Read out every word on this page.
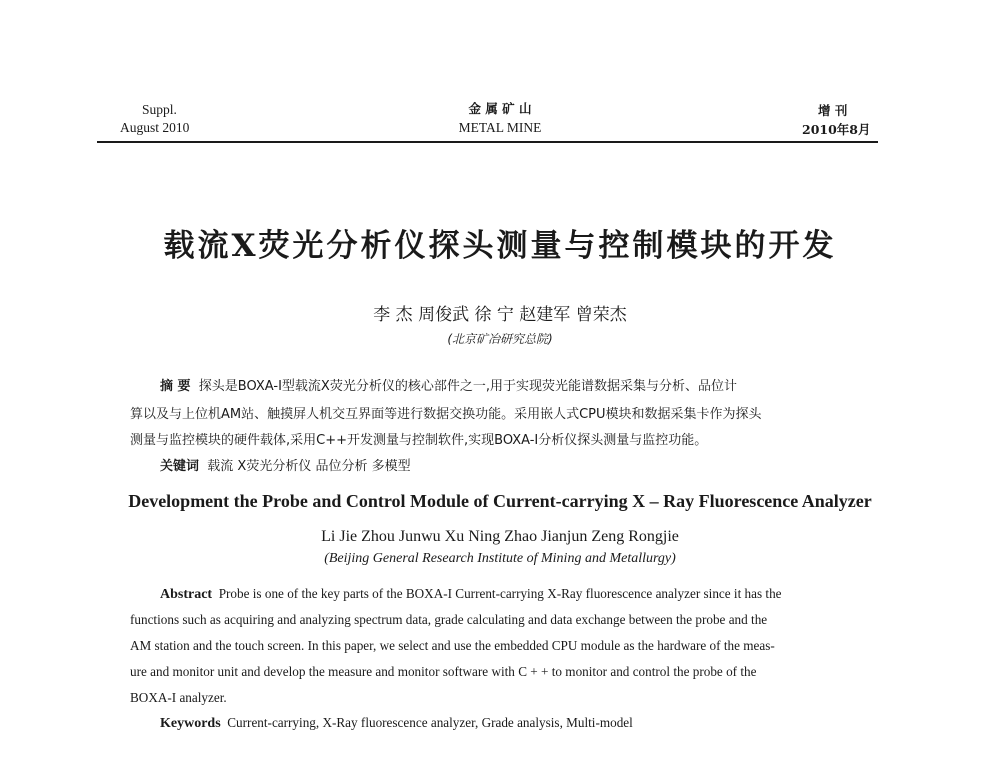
Suppl.
August 2010
金 属 矿 山
METAL MINE
增 刊
2010年8月
载流X荧光分析仪探头测量与控制模块的开发
李 杰 周俊武 徐 宁 赵建军 曾荣杰
(北京矿冶研究总院)
摘 要 探头是BOXA-I型载流X荧光分析仪的核心部件之一,用于实现荧光能谱数据采集与分析、品位计
算以及与上位机AM站、触摸屏人机交互界面等进行数据交换功能。采用嵌人式CPU模块和数据采集卡作为探头
测量与监控模块的硬件载体,采用C++开发测量与控制软件,实现BOXA-I分析仪探头测量与监控功能。
关键词 载流 X荧光分析仪 品位分析 多模型
Development the Probe and Control Module of Current-carrying X – Ray Fluorescence Analyzer
Li Jie Zhou Junwu Xu Ning Zhao Jianjun Zeng Rongjie
(Beijing General Research Institute of Mining and Metallurgy)
Abstract Probe is one of the key parts of the BOXA-I Current-carrying X-Ray fluorescence analyzer since it has the
functions such as acquiring and analyzing spectrum data, grade calculating and data exchange between the probe and the
AM station and the touch screen. In this paper, we select and use the embedded CPU module as the hardware of the meas-
ure and monitor unit and develop the measure and monitor software with C + + to monitor and control the probe of the
BOXA-I analyzer.
Keywords Current-carrying, X-Ray fluorescence analyzer, Grade analysis, Multi-model
